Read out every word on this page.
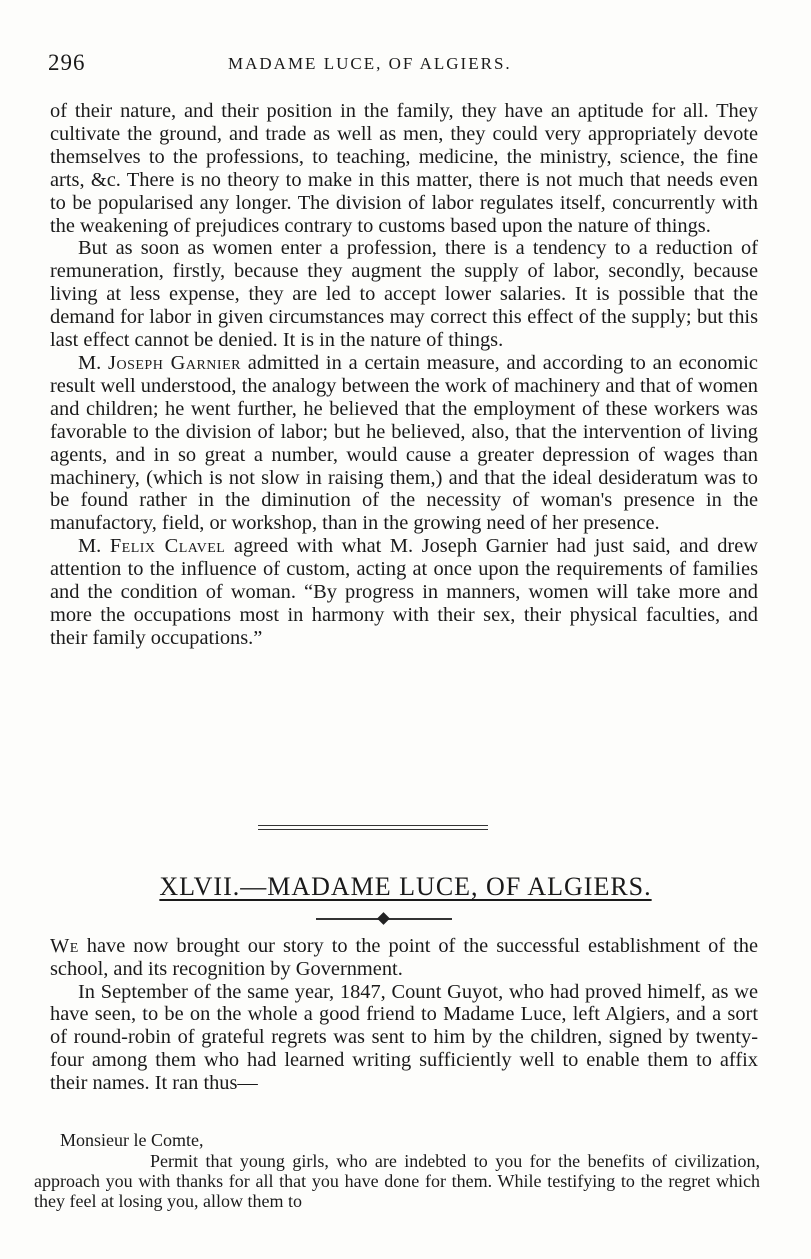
296	MADAME LUCE, OF ALGIERS.

of their nature, and their position in the family, they have an aptitude for all. They cultivate the ground, and trade as well as men, they could very appropriately devote themselves to the professions, to teaching, medicine, the ministry, science, the fine arts, &c. There is no theory to make in this matter, there is not much that needs even to be popularised any longer. The division of labor regulates itself, concurrently with the weakening of prejudices contrary to customs based upon the nature of things.

But as soon as women enter a profession, there is a tendency to a reduction of remuneration, firstly, because they augment the supply of labor, secondly, because living at less expense, they are led to accept lower salaries. It is possible that the demand for labor in given circumstances may correct this effect of the supply; but this last effect cannot be denied. It is in the nature of things.

M. Joseph Garnier admitted in a certain measure, and according to an economic result well understood, the analogy between the work of machinery and that of women and children; he went further, he believed that the employment of these workers was favorable to the division of labor; but he believed, also, that the intervention of living agents, and in so great a number, would cause a greater depression of wages than machinery, (which is not slow in raising them,) and that the ideal desideratum was to be found rather in the diminution of the necessity of woman's presence in the manufactory, field, or workshop, than in the growing need of her presence.

M. Felix Clavel agreed with what M. Joseph Garnier had just said, and drew attention to the influence of custom, acting at once upon the requirements of families and the condition of woman. “By progress in manners, women will take more and more the occupations most in harmony with their sex, their physical faculties, and their family occupations.”

XLVII.—MADAME LUCE, OF ALGIERS.

We have now brought our story to the point of the successful establishment of the school, and its recognition by Government.

In September of the same year, 1847, Count Guyot, who had proved himelf, as we have seen, to be on the whole a good friend to Madame Luce, left Algiers, and a sort of round-robin of grateful regrets was sent to him by the children, signed by twenty-four among them who had learned writing sufficiently well to enable them to affix their names. It ran thus—

Monsieur le Comte,

Permit that young girls, who are indebted to you for the benefits of civilization, approach you with thanks for all that you have done for them. While testifying to the regret which they feel at losing you, allow them to
